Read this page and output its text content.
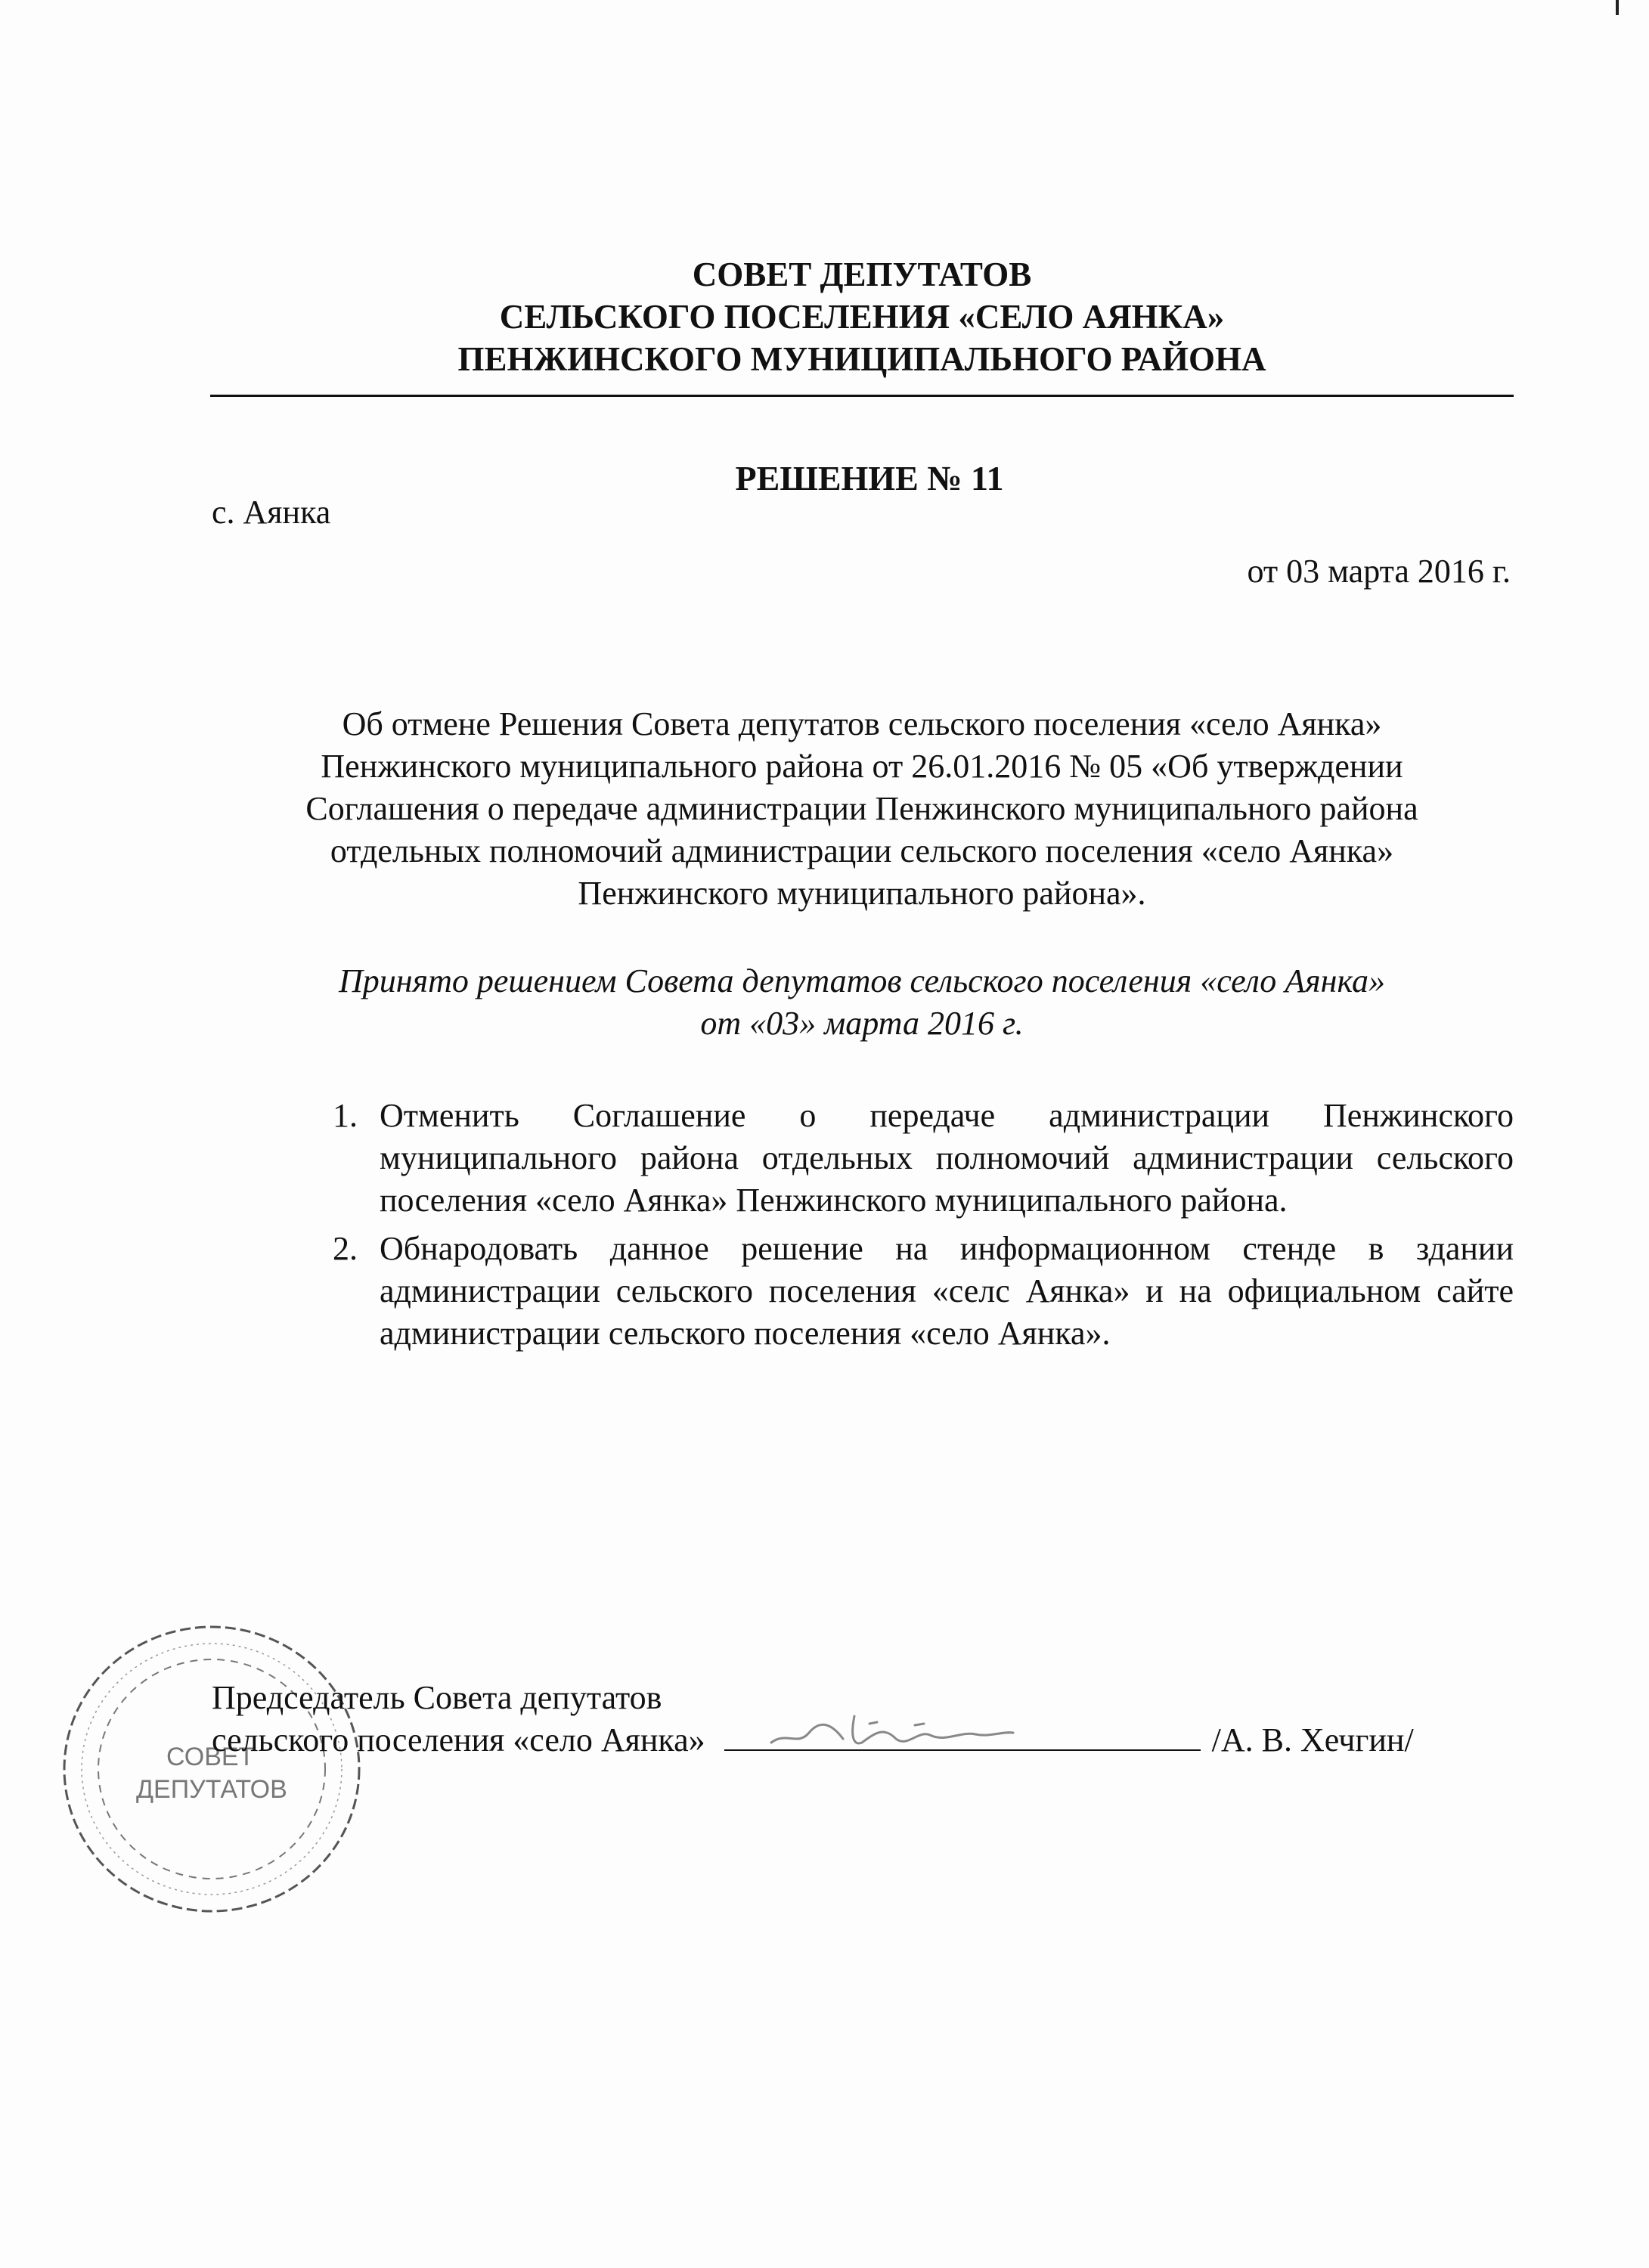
СОВЕТ ДЕПУТАТОВ
СЕЛЬСКОГО ПОСЕЛЕНИЯ «СЕЛО АЯНКА»
ПЕНЖИНСКОГО МУНИЦИПАЛЬНОГО РАЙОНА
РЕШЕНИЕ № 11
с. Аянка
от 03 марта 2016 г.
Об отмене Решения Совета депутатов сельского поселения «село Аянка»
Пенжинского муниципального района от 26.01.2016 № 05 «Об утверждении
Соглашения о передаче администрации Пенжинского муниципального района
отдельных полномочий администрации сельского поселения «село Аянка»
Пенжинского муниципального района».
Принято решением Совета депутатов сельского поселения «село Аянка»
от «03» марта 2016 г.
1. Отменить Соглашение о передаче администрации Пенжинского муниципального района отдельных полномочий администрации сельского поселения «село Аянка» Пенжинского муниципального района.
2. Обнародовать данное решение на информационном стенде в здании администрации сельского поселения «селс Аянка» и на официальном сайте администрации сельского поселения «село Аянка».
СОВЕТ
ДЕПУТАТОВ
Председатель Совета депутатов
сельского поселения «село Аянка»	/А. В. Хечгин/
